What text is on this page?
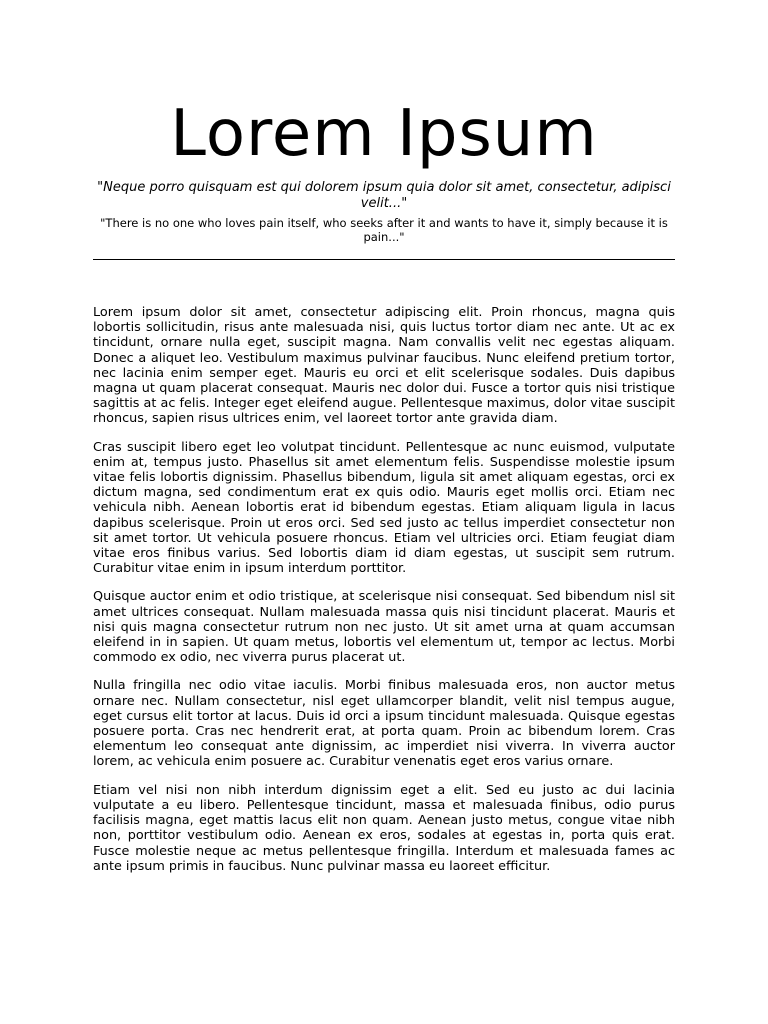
Lorem Ipsum

"Neque porro quisquam est qui dolorem ipsum quia dolor sit amet, consectetur, adipisci velit..."

"There is no one who loves pain itself, who seeks after it and wants to have it, simply because it is pain..."

Lorem ipsum dolor sit amet, consectetur adipiscing elit. Proin rhoncus, magna quis lobortis sollicitudin, risus ante malesuada nisi, quis luctus tortor diam nec ante. Ut ac ex tincidunt, ornare nulla eget, suscipit magna. Nam convallis velit nec egestas aliquam. Donec a aliquet leo. Vestibulum maximus pulvinar faucibus. Nunc eleifend pretium tortor, nec lacinia enim semper eget. Mauris eu orci et elit scelerisque sodales. Duis dapibus magna ut quam placerat consequat. Mauris nec dolor dui. Fusce a tortor quis nisi tristique sagittis at ac felis. Integer eget eleifend augue. Pellentesque maximus, dolor vitae suscipit rhoncus, sapien risus ultrices enim, vel laoreet tortor ante gravida diam.

Cras suscipit libero eget leo volutpat tincidunt. Pellentesque ac nunc euismod, vulputate enim at, tempus justo. Phasellus sit amet elementum felis. Suspendisse molestie ipsum vitae felis lobortis dignissim. Phasellus bibendum, ligula sit amet aliquam egestas, orci ex dictum magna, sed condimentum erat ex quis odio. Mauris eget mollis orci. Etiam nec vehicula nibh. Aenean lobortis erat id bibendum egestas. Etiam aliquam ligula in lacus dapibus scelerisque. Proin ut eros orci. Sed sed justo ac tellus imperdiet consectetur non sit amet tortor. Ut vehicula posuere rhoncus. Etiam vel ultricies orci. Etiam feugiat diam vitae eros finibus varius. Sed lobortis diam id diam egestas, ut suscipit sem rutrum. Curabitur vitae enim in ipsum interdum porttitor.

Quisque auctor enim et odio tristique, at scelerisque nisi consequat. Sed bibendum nisl sit amet ultrices consequat. Nullam malesuada massa quis nisi tincidunt placerat. Mauris et nisi quis magna consectetur rutrum non nec justo. Ut sit amet urna at quam accumsan eleifend in in sapien. Ut quam metus, lobortis vel elementum ut, tempor ac lectus. Morbi commodo ex odio, nec viverra purus placerat ut.

Nulla fringilla nec odio vitae iaculis. Morbi finibus malesuada eros, non auctor metus ornare nec. Nullam consectetur, nisl eget ullamcorper blandit, velit nisl tempus augue, eget cursus elit tortor at lacus. Duis id orci a ipsum tincidunt malesuada. Quisque egestas posuere porta. Cras nec hendrerit erat, at porta quam. Proin ac bibendum lorem. Cras elementum leo consequat ante dignissim, ac imperdiet nisi viverra. In viverra auctor lorem, ac vehicula enim posuere ac. Curabitur venenatis eget eros varius ornare.

Etiam vel nisi non nibh interdum dignissim eget a elit. Sed eu justo ac dui lacinia vulputate a eu libero. Pellentesque tincidunt, massa et malesuada finibus, odio purus facilisis magna, eget mattis lacus elit non quam. Aenean justo metus, congue vitae nibh non, porttitor vestibulum odio. Aenean ex eros, sodales at egestas in, porta quis erat. Fusce molestie neque ac metus pellentesque fringilla. Interdum et malesuada fames ac ante ipsum primis in faucibus. Nunc pulvinar massa eu laoreet efficitur.
